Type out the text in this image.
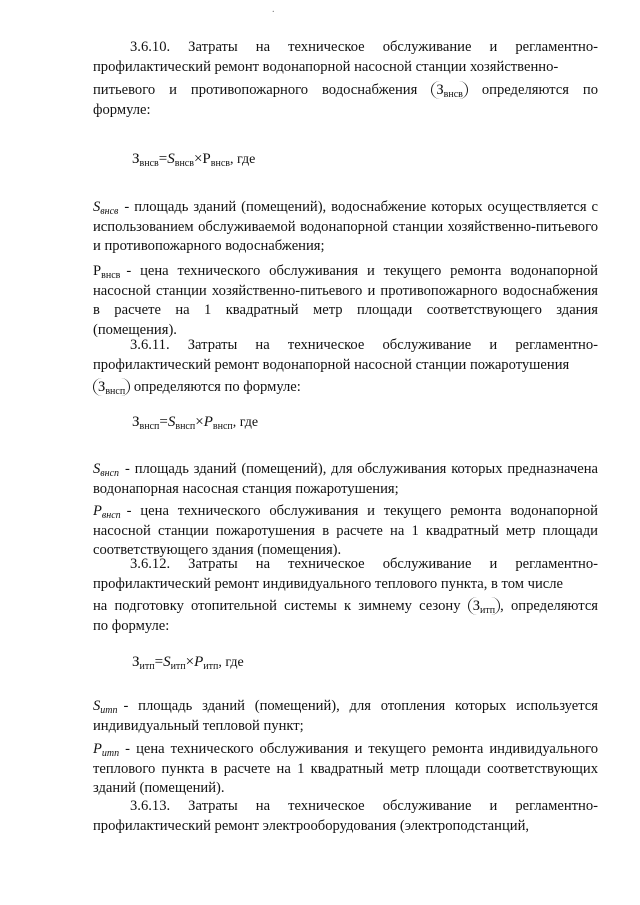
.
3.6.10. Затраты на техническое обслуживание и регламентно-профилактический ремонт водонапорной насосной станции хозяйственно-
питьевого и противопожарного водоснабжения $З_{внсв}$ определяются по
формуле:
$З_{внсв}=S_{внсв}\times Р_{внсв}$, где
$S_{внсв}$ - площадь зданий (помещений), водоснабжение которых осуществляется с использованием обслуживаемой водонапорной станции хозяйственно-питьевого и противопожарного водоснабжения;
$Р_{внсв}$ - цена технического обслуживания и текущего ремонта водонапорной насосной станции хозяйственно-питьевого и противопожарного водоснабжения в расчете на 1 квадратный метр площади соответствующего здания (помещения).
3.6.11. Затраты на техническое обслуживание и регламентно-профилактический ремонт водонапорной насосной станции пожаротушения
$З_{внсп}$ определяются по формуле:
$З_{внсп}=S_{внсп}\times P_{внсп}$, где
$S_{внсп}$ - площадь зданий (помещений), для обслуживания которых предназначена водонапорная насосная станция пожаротушения;
$P_{внсп}$ - цена технического обслуживания и текущего ремонта водонапорной насосной станции пожаротушения в расчете на 1 квадратный метр площади соответствующего здания (помещения).
3.6.12. Затраты на техническое обслуживание и регламентно-профилактический ремонт индивидуального теплового пункта, в том числе
на подготовку отопительной системы к зимнему сезону $З_{итп}$ , определяются
по формуле:
$З_{итп}=S_{итп}\times P_{итп}$, где
$S_{итп}$ - площадь зданий (помещений), для отопления которых используется индивидуальный тепловой пункт;
$P_{итп}$ - цена технического обслуживания и текущего ремонта индивидуального теплового пункта в расчете на 1 квадратный метр площади соответствующих зданий (помещений).
3.6.13. Затраты на техническое обслуживание и регламентно-профилактический ремонт электрооборудования (электроподстанций,
